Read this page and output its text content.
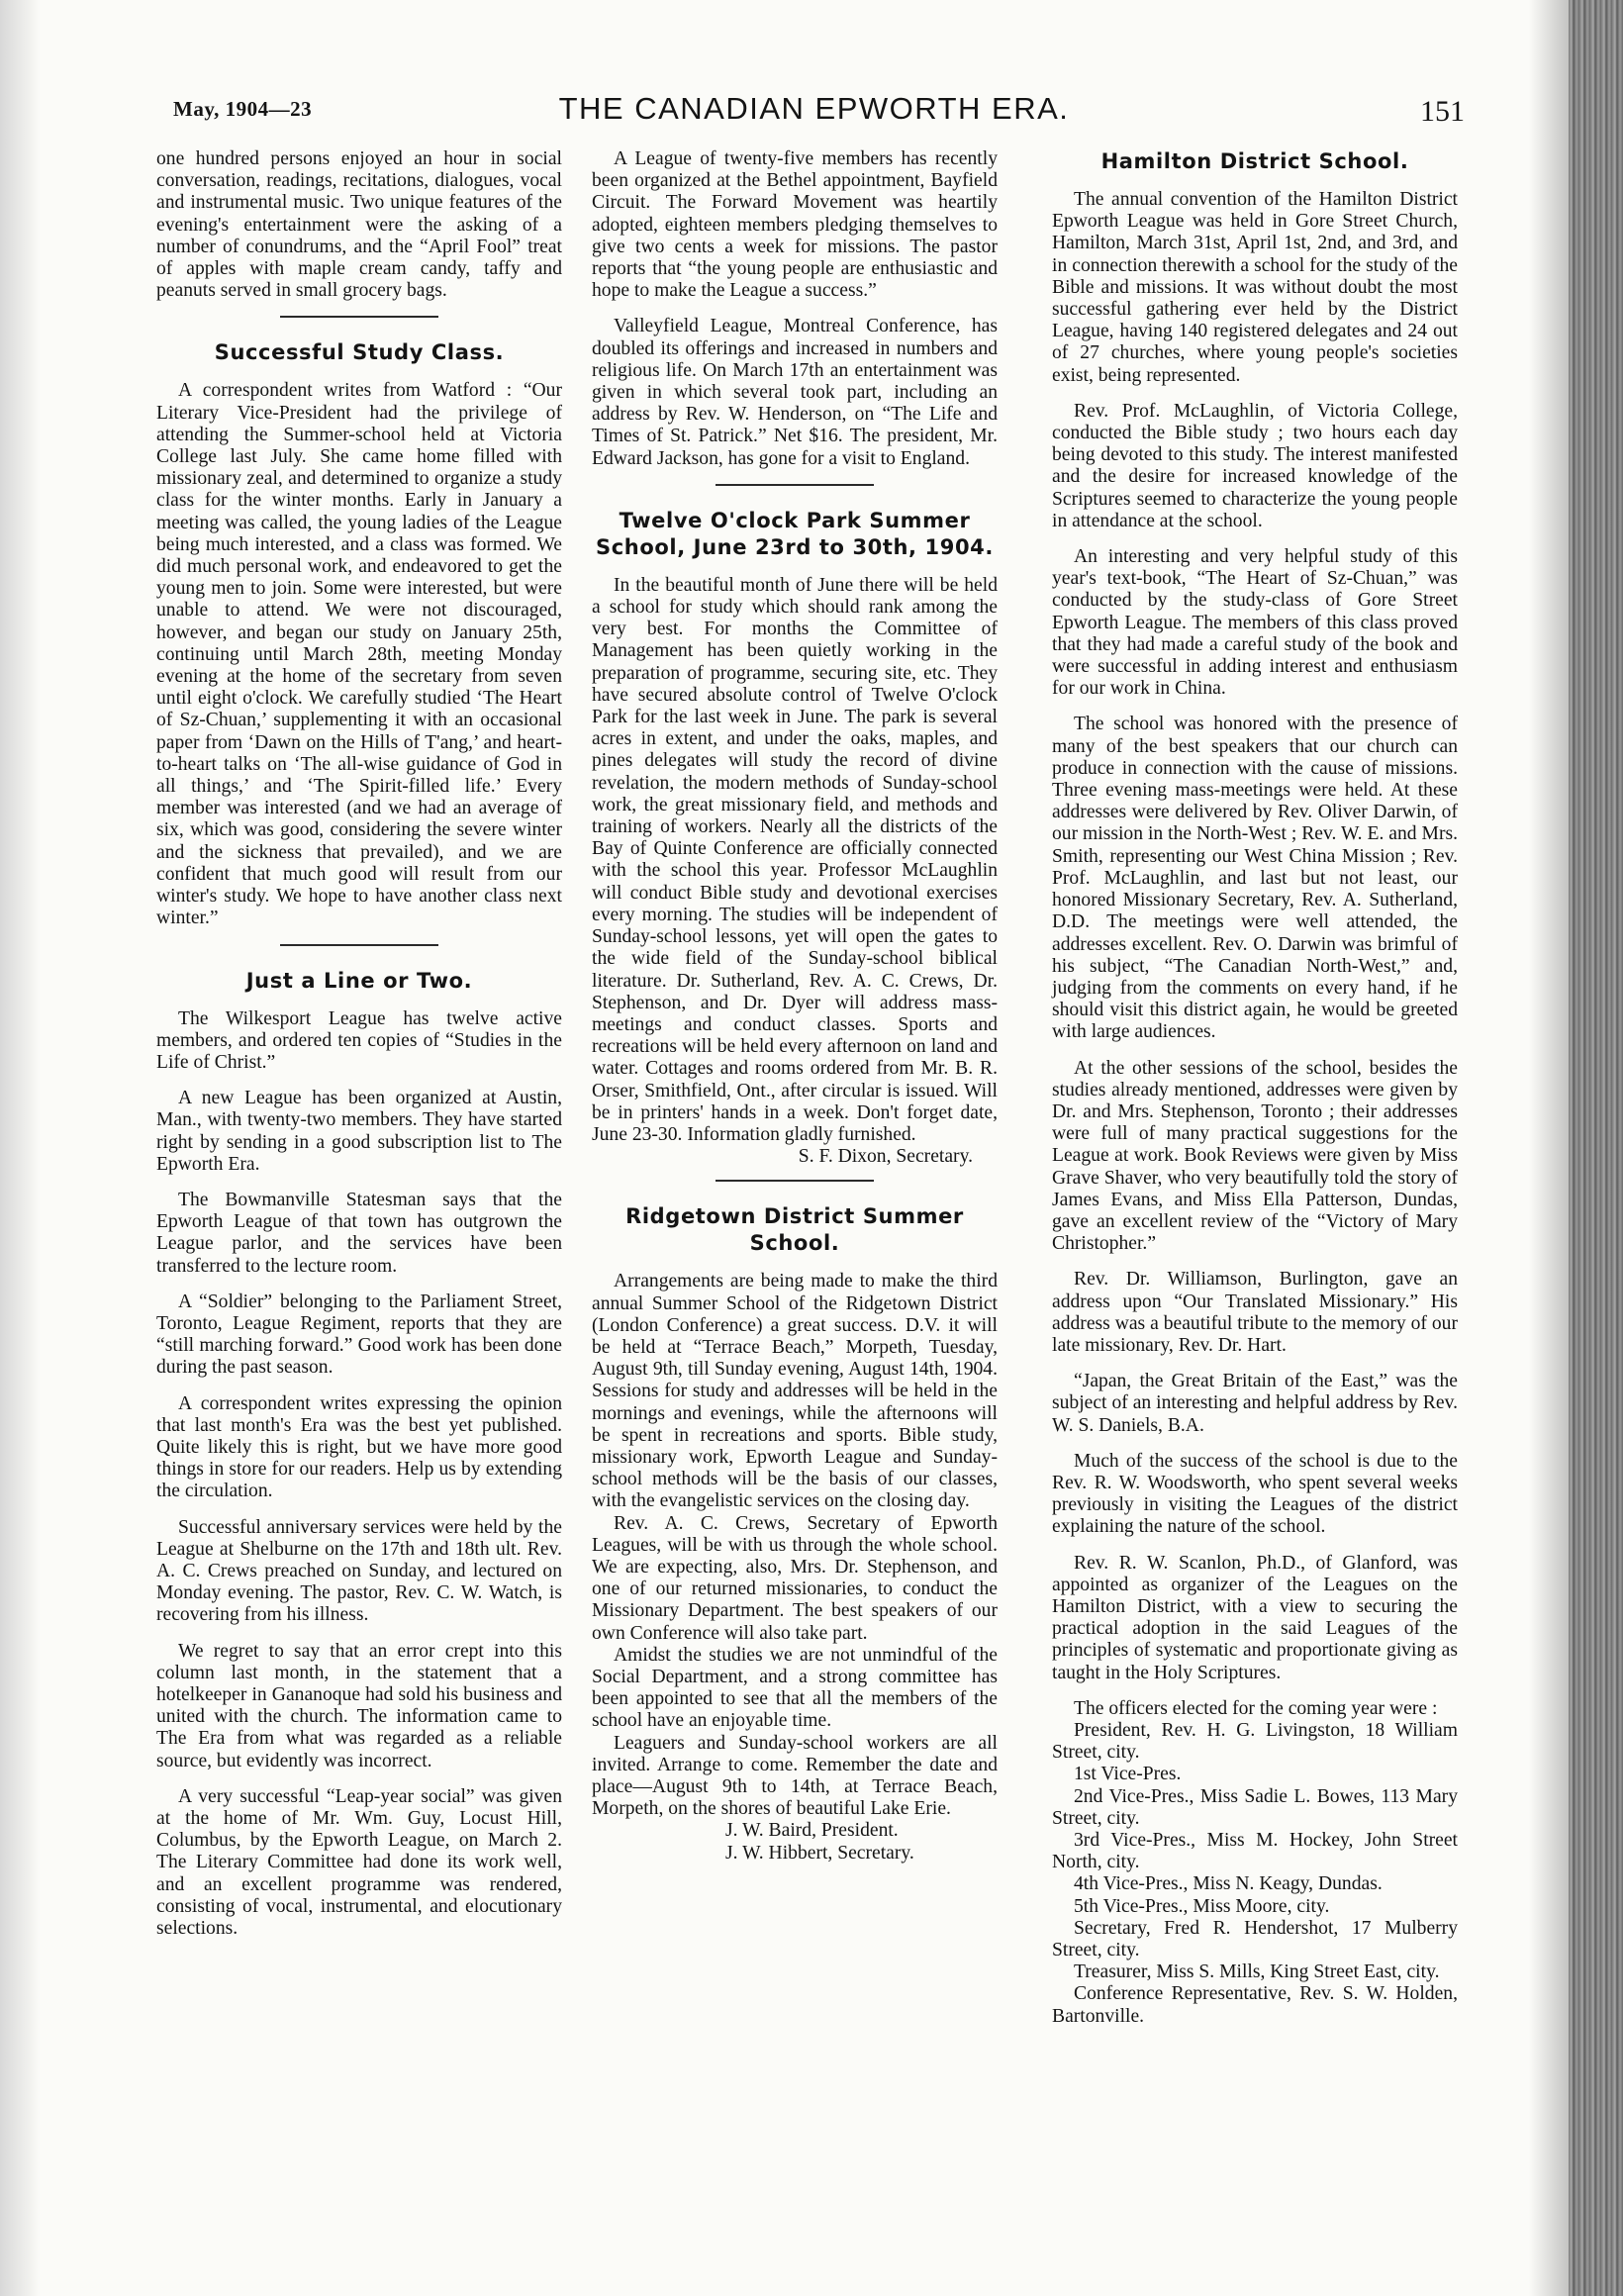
May, 1904—23	THE CANADIAN EPWORTH ERA.	151

one hundred persons enjoyed an hour in social conversation, readings, recitations, dialogues, vocal and instrumental music. Two unique features of the evening's entertainment were the asking of a number of conundrums, and the “April Fool” treat of apples with maple cream candy, taffy and peanuts served in small grocery bags.

Successful Study Class.

A correspondent writes from Watford : “Our Literary Vice-President had the privilege of attending the Summer-school held at Victoria College last July. She came home filled with missionary zeal, and determined to organize a study class for the winter months. Early in January a meeting was called, the young ladies of the League being much interested, and a class was formed. We did much personal work, and endeavored to get the young men to join. Some were interested, but were unable to attend. We were not discouraged, however, and began our study on January 25th, continuing until March 28th, meeting Monday evening at the home of the secretary from seven until eight o'clock. We carefully studied ‘The Heart of Sz-Chuan,’ supplementing it with an occasional paper from ‘Dawn on the Hills of T'ang,’ and heart-to-heart talks on ‘The all-wise guidance of God in all things,’ and ‘The Spirit-filled life.’ Every member was interested (and we had an average of six, which was good, considering the severe winter and the sickness that prevailed), and we are confident that much good will result from our winter's study. We hope to have another class next winter.”

Just a Line or Two.

The Wilkesport League has twelve active members, and ordered ten copies of “Studies in the Life of Christ.”

A new League has been organized at Austin, Man., with twenty-two members. They have started right by sending in a good subscription list to The Epworth Era.

The Bowmanville Statesman says that the Epworth League of that town has outgrown the League parlor, and the services have been transferred to the lecture room.

A “Soldier” belonging to the Parliament Street, Toronto, League Regiment, reports that they are “still marching forward.” Good work has been done during the past season.

A correspondent writes expressing the opinion that last month's Era was the best yet published. Quite likely this is right, but we have more good things in store for our readers. Help us by extending the circulation.

Successful anniversary services were held by the League at Shelburne on the 17th and 18th ult. Rev. A. C. Crews preached on Sunday, and lectured on Monday evening. The pastor, Rev. C. W. Watch, is recovering from his illness.

We regret to say that an error crept into this column last month, in the statement that a hotelkeeper in Gananoque had sold his business and united with the church. The information came to The Era from what was regarded as a reliable source, but evidently was incorrect.

A very successful “Leap-year social” was given at the home of Mr. Wm. Guy, Locust Hill, Columbus, by the Epworth League, on March 2. The Literary Committee had done its work well, and an excellent programme was rendered, consisting of vocal, instrumental, and elocutionary selections.

A League of twenty-five members has recently been organized at the Bethel appointment, Bayfield Circuit. The Forward Movement was heartily adopted, eighteen members pledging themselves to give two cents a week for missions. The pastor reports that “the young people are enthusiastic and hope to make the League a success.”

Valleyfield League, Montreal Conference, has doubled its offerings and increased in numbers and religious life. On March 17th an entertainment was given in which several took part, including an address by Rev. W. Henderson, on “The Life and Times of St. Patrick.” Net $16. The president, Mr. Edward Jackson, has gone for a visit to England.

Twelve O'clock Park Summer School, June 23rd to 30th, 1904.

In the beautiful month of June there will be held a school for study which should rank among the very best. For months the Committee of Management has been quietly working in the preparation of programme, securing site, etc. They have secured absolute control of Twelve O'clock Park for the last week in June. The park is several acres in extent, and under the oaks, maples, and pines delegates will study the record of divine revelation, the modern methods of Sunday-school work, the great missionary field, and methods and training of workers. Nearly all the districts of the Bay of Quinte Conference are officially connected with the school this year. Professor McLaughlin will conduct Bible study and devotional exercises every morning. The studies will be independent of Sunday-school lessons, yet will open the gates to the wide field of the Sunday-school biblical literature. Dr. Sutherland, Rev. A. C. Crews, Dr. Stephenson, and Dr. Dyer will address mass-meetings and conduct classes. Sports and recreations will be held every afternoon on land and water. Cottages and rooms ordered from Mr. B. R. Orser, Smithfield, Ont., after circular is issued. Will be in printers' hands in a week. Don't forget date, June 23-30. Information gladly furnished.

S. F. Dixon, Secretary.

Ridgetown District Summer School.

Arrangements are being made to make the third annual Summer School of the Ridgetown District (London Conference) a great success. D.V. it will be held at “Terrace Beach,” Morpeth, Tuesday, August 9th, till Sunday evening, August 14th, 1904. Sessions for study and addresses will be held in the mornings and evenings, while the afternoons will be spent in recreations and sports. Bible study, missionary work, Epworth League and Sunday-school methods will be the basis of our classes, with the evangelistic services on the closing day.

Rev. A. C. Crews, Secretary of Epworth Leagues, will be with us through the whole school. We are expecting, also, Mrs. Dr. Stephenson, and one of our returned missionaries, to conduct the Missionary Department. The best speakers of our own Conference will also take part.

Amidst the studies we are not unmindful of the Social Department, and a strong committee has been appointed to see that all the members of the school have an enjoyable time.

Leaguers and Sunday-school workers are all invited. Arrange to come. Remember the date and place—August 9th to 14th, at Terrace Beach, Morpeth, on the shores of beautiful Lake Erie.

J. W. Baird, President.

J. W. Hibbert, Secretary.

Hamilton District School.

The annual convention of the Hamilton District Epworth League was held in Gore Street Church, Hamilton, March 31st, April 1st, 2nd, and 3rd, and in connection therewith a school for the study of the Bible and missions. It was without doubt the most successful gathering ever held by the District League, having 140 registered delegates and 24 out of 27 churches, where young people's societies exist, being represented.

Rev. Prof. McLaughlin, of Victoria College, conducted the Bible study ; two hours each day being devoted to this study. The interest manifested and the desire for increased knowledge of the Scriptures seemed to characterize the young people in attendance at the school.

An interesting and very helpful study of this year's text-book, “The Heart of Sz-Chuan,” was conducted by the study-class of Gore Street Epworth League. The members of this class proved that they had made a careful study of the book and were successful in adding interest and enthusiasm for our work in China.

The school was honored with the presence of many of the best speakers that our church can produce in connection with the cause of missions. Three evening mass-meetings were held. At these addresses were delivered by Rev. Oliver Darwin, of our mission in the North-West ; Rev. W. E. and Mrs. Smith, representing our West China Mission ; Rev. Prof. McLaughlin, and last but not least, our honored Missionary Secretary, Rev. A. Sutherland, D.D. The meetings were well attended, the addresses excellent. Rev. O. Darwin was brimful of his subject, “The Canadian North-West,” and, judging from the comments on every hand, if he should visit this district again, he would be greeted with large audiences.

At the other sessions of the school, besides the studies already mentioned, addresses were given by Dr. and Mrs. Stephenson, Toronto ; their addresses were full of many practical suggestions for the League at work. Book Reviews were given by Miss Grave Shaver, who very beautifully told the story of James Evans, and Miss Ella Patterson, Dundas, gave an excellent review of the “Victory of Mary Christopher.”

Rev. Dr. Williamson, Burlington, gave an address upon “Our Translated Missionary.” His address was a beautiful tribute to the memory of our late missionary, Rev. Dr. Hart.

“Japan, the Great Britain of the East,” was the subject of an interesting and helpful address by Rev. W. S. Daniels, B.A.

Much of the success of the school is due to the Rev. R. W. Woodsworth, who spent several weeks previously in visiting the Leagues of the district explaining the nature of the school.

Rev. R. W. Scanlon, Ph.D., of Glanford, was appointed as organizer of the Leagues on the Hamilton District, with a view to securing the practical adoption in the said Leagues of the principles of systematic and proportionate giving as taught in the Holy Scriptures.

The officers elected for the coming year were :

President, Rev. H. G. Livingston, 18 William Street, city.

1st Vice-Pres.

2nd Vice-Pres., Miss Sadie L. Bowes, 113 Mary Street, city.

3rd Vice-Pres., Miss M. Hockey, John Street North, city.

4th Vice-Pres., Miss N. Keagy, Dundas.

5th Vice-Pres., Miss Moore, city.

Secretary, Fred R. Hendershot, 17 Mulberry Street, city.

Treasurer, Miss S. Mills, King Street East, city.

Conference Representative, Rev. S. W. Holden, Bartonville.
